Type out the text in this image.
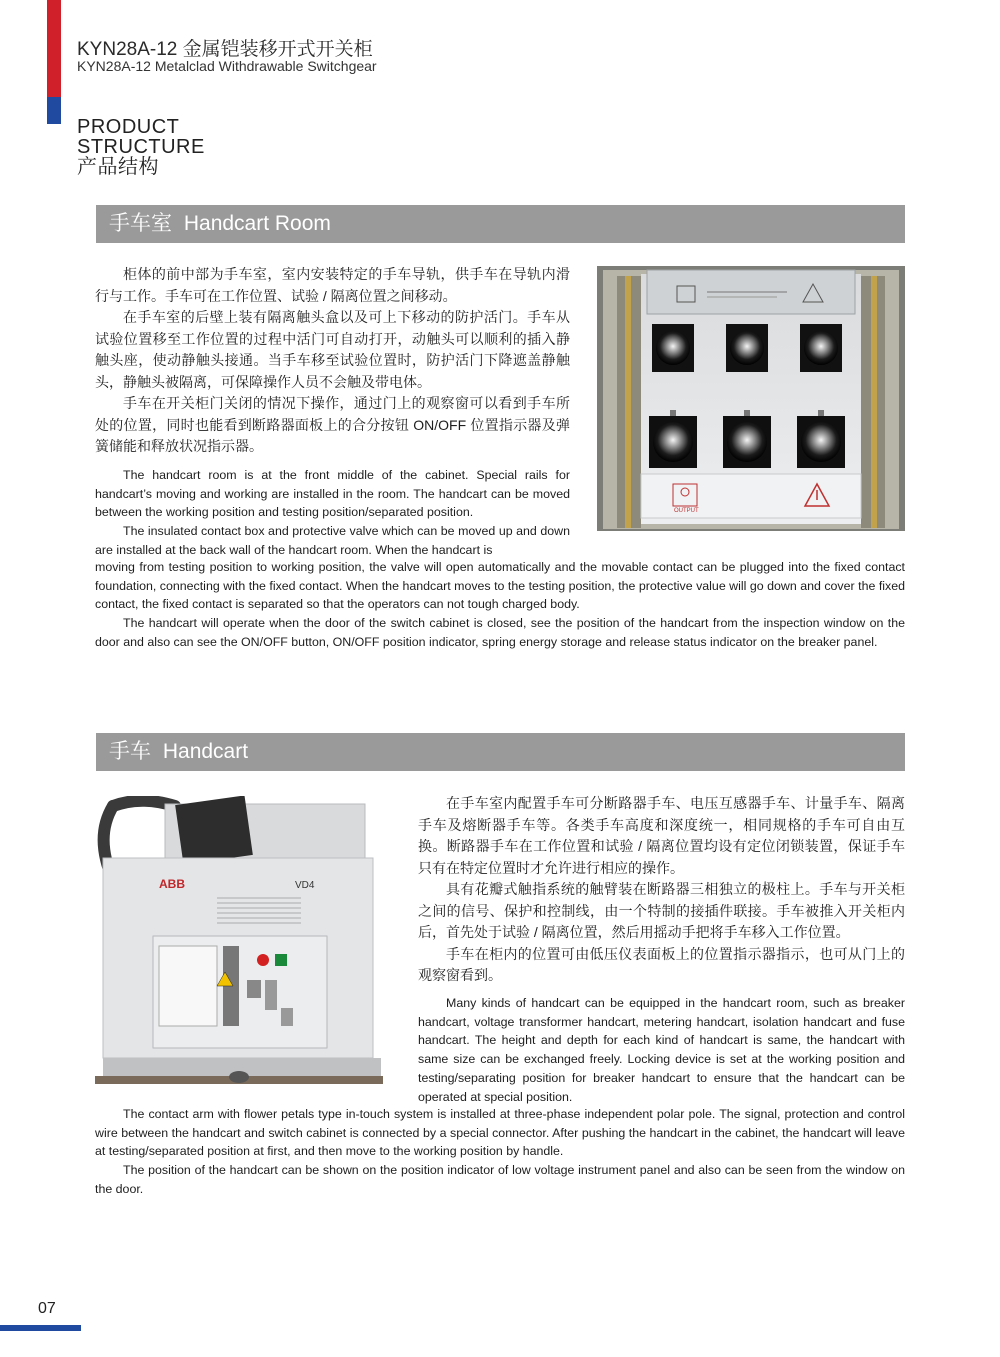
KYN28A-12 金属铠装移开式开关柜
KYN28A-12 Metalclad Withdrawable Switchgear
PRODUCT
STRUCTURE
产品结构
手车室 Handcart Room

柜体的前中部为手车室，室内安装特定的手车导轨，供手车在导轨内滑行与工作。手车可在工作位置、试验 / 隔离位置之间移动。

在手车室的后壁上装有隔离触头盒以及可上下移动的防护活门。手车从试验位置移至工作位置的过程中活门可自动打开，动触头可以顺利的插入静触头座，使动静触头接通。当手车移至试验位置时，防护活门下降遮盖静触头，静触头被隔离，可保障操作人员不会触及带电体。

手车在开关柜门关闭的情况下操作，通过门上的观察窗可以看到手车所处的位置，同时也能看到断路器面板上的合分按钮 ON/OFF 位置指示器及弹簧储能和释放状况指示器。

The handcart room is at the front middle of the cabinet. Special rails for handcart’s moving and working are installed in the room. The handcart can be moved between the working position and testing position/separated position.

The insulated contact box and protective valve which can be moved up and down are installed at the back wall of the handcart room. When the handcart is

moving from testing position to working position, the valve will open automatically and the movable contact can be plugged into the fixed contact foundation, connecting with the fixed contact. When the handcart moves to the testing position, the protective value will go down and cover the fixed contact, the fixed contact is separated so that the operators can not tough charged body.

The handcart will operate when the door of the switch cabinet is closed, see the position of the handcart from the inspection window on the door and also can see the ON/OFF button, ON/OFF position indicator, spring energy storage and release status indicator on the breaker panel.

OUTPUT
手车 Handcart
ABB	VD4

在手车室内配置手车可分断路器手车、电压互感器手车、计量手车、隔离手车及熔断器手车等。各类手车高度和深度统一，相同规格的手车可自由互换。断路器手车在工作位置和试验 / 隔离位置均设有定位闭锁装置，保证手车只有在特定位置时才允许进行相应的操作。

具有花瓣式触指系统的触臂装在断路器三相独立的极柱上。手车与开关柜之间的信号、保护和控制线，由一个特制的接插件联接。手车被推入开关柜内后，首先处于试验 / 隔离位置，然后用摇动手把将手车移入工作位置。

手车在柜内的位置可由低压仪表面板上的位置指示器指示，也可从门上的观察窗看到。

Many kinds of handcart can be equipped in the handcart room, such as breaker handcart, voltage transformer handcart, metering handcart, isolation handcart and fuse handcart. The height and depth for each kind of handcart is same, the handcart with same size can be exchanged freely. Locking device is set at the working position and testing/separating position for breaker handcart to ensure that the handcart can be operated at special position.

The contact arm with flower petals type in-touch system is installed at three-phase independent polar pole. The signal, protection and control wire between the handcart and switch cabinet is connected by a special connector. After pushing the handcart in the cabinet, the handcart will leave at testing/separated position at first, and then move to the working position by handle.

The position of the handcart can be shown on the position indicator of low voltage instrument panel and also can be seen from the window on the door.

07
